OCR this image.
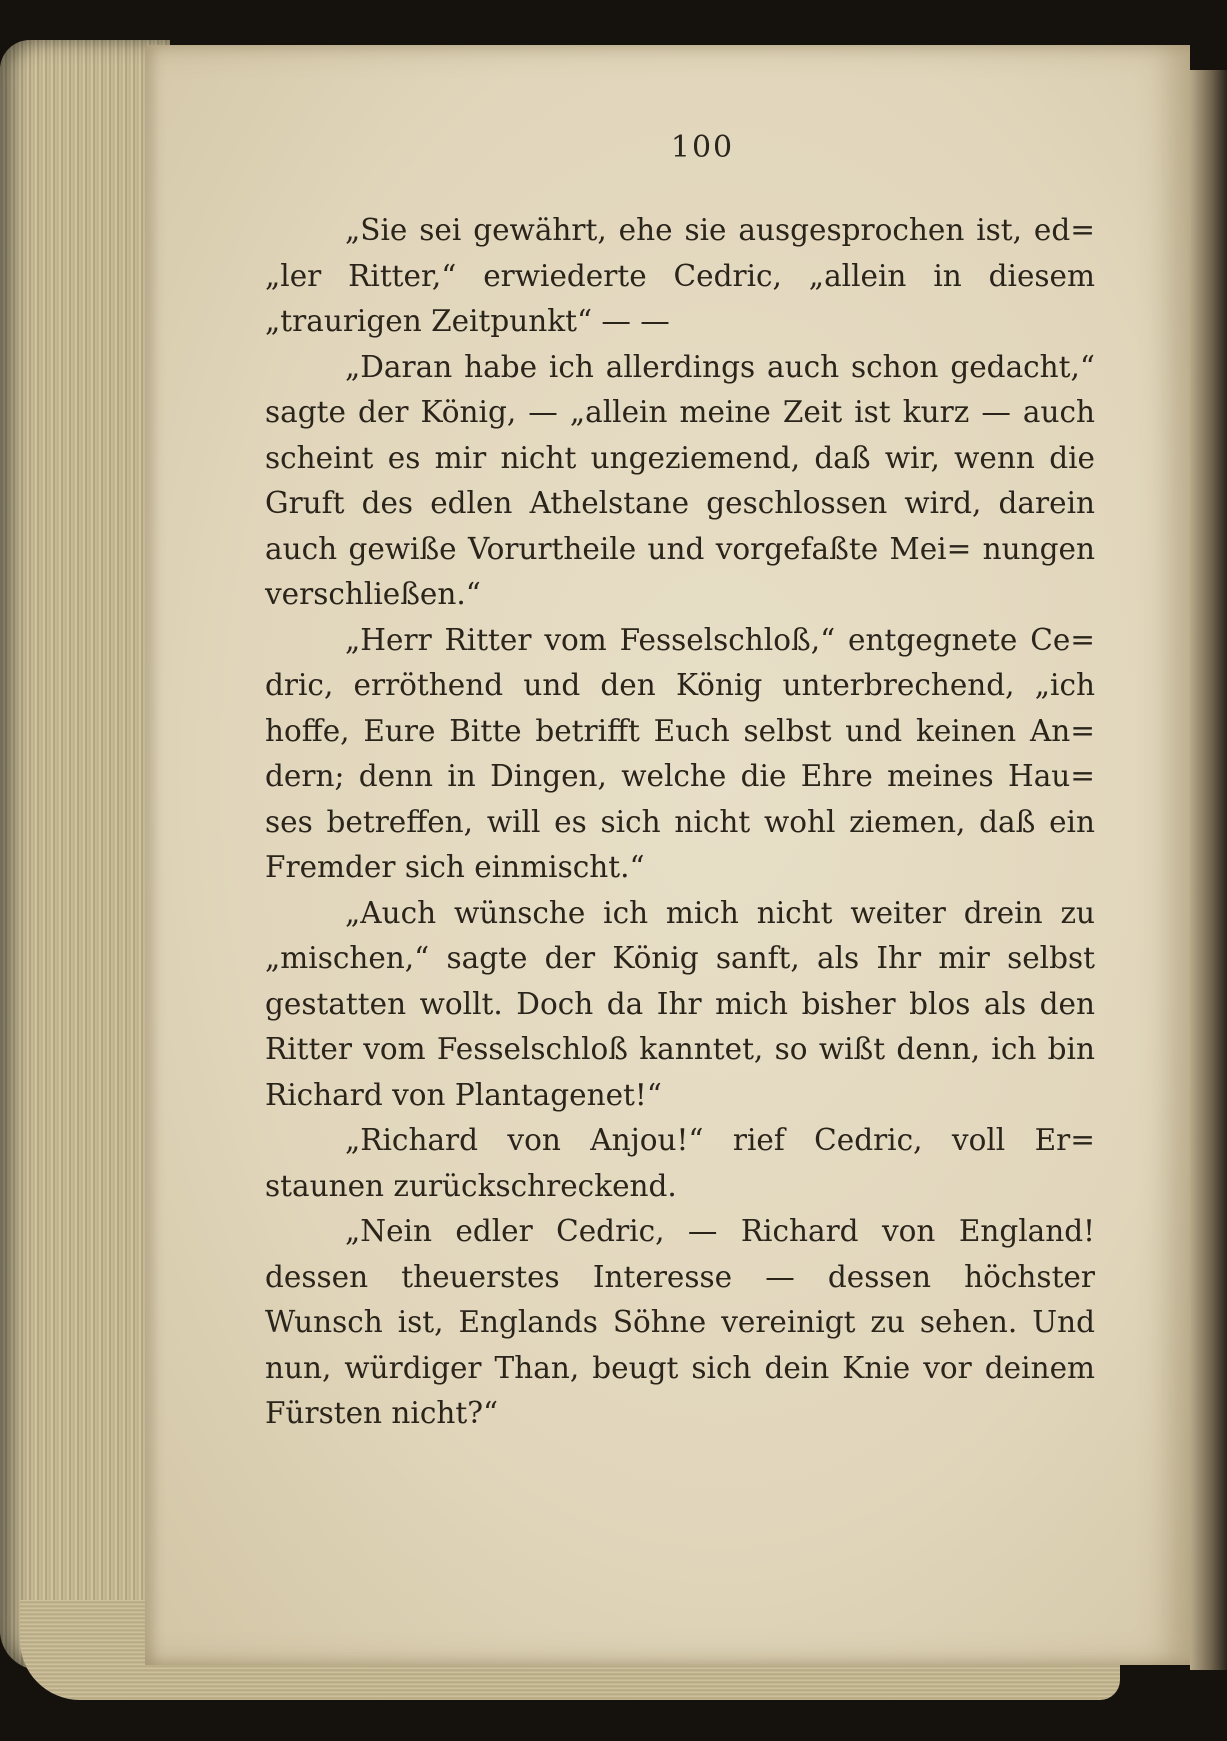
100

„Sie sei gewährt, ehe sie ausgesprochen ist, ed= „ler Ritter,“ erwiederte Cedric, „allein in diesem „traurigen Zeitpunkt“ — —

„Daran habe ich allerdings auch schon gedacht,“ sagte der König, — „allein meine Zeit ist kurz — auch scheint es mir nicht ungeziemend, daß wir, wenn die Gruft des edlen Athelstane geschlossen wird, darein auch gewiße Vorurtheile und vorgefaßte Mei= nungen verschließen.“

„Herr Ritter vom Fesselschloß,“ entgegnete Ce= dric, erröthend und den König unterbrechend, „ich hoffe, Eure Bitte betrifft Euch selbst und keinen An= dern; denn in Dingen, welche die Ehre meines Hau= ses betreffen, will es sich nicht wohl ziemen, daß ein Fremder sich einmischt.“

„Auch wünsche ich mich nicht weiter drein zu „mischen,“ sagte der König sanft, als Ihr mir selbst gestatten wollt. Doch da Ihr mich bisher blos als den Ritter vom Fesselschloß kanntet, so wißt denn, ich bin Richard von Plantagenet!“

„Richard von Anjou!“ rief Cedric, voll Er= staunen zurückschreckend.

„Nein edler Cedric, — Richard von England! dessen theuerstes Interesse — dessen höchster Wunsch ist, Englands Söhne vereinigt zu sehen. Und nun, würdiger Than, beugt sich dein Knie vor deinem Fürsten nicht?“
